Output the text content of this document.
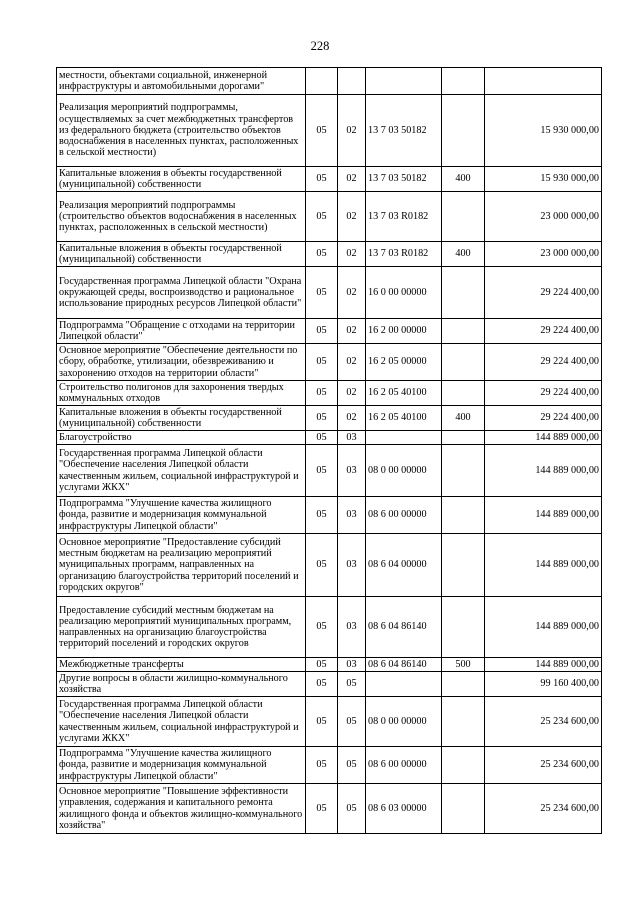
228
местности, объектами социальной, инженерной инфраструктуры и автомобильными дорогами"					
Реализация мероприятий подпрограммы, осуществляемых за счет межбюджетных трансфертов из федерального бюджета (строительство объектов водоснабжения в населенных пунктах, расположенных в сельской местности)	05	02	13 7 03 50182		15 930 000,00
Капитальные вложения в объекты государственной (муниципальной) собственности	05	02	13 7 03 50182	400	15 930 000,00
Реализация мероприятий подпрограммы (строительство объектов водоснабжения в населенных пунктах, расположенных в сельской местности)	05	02	13 7 03 R0182		23 000 000,00
Капитальные вложения в объекты государственной (муниципальной) собственности	05	02	13 7 03 R0182	400	23 000 000,00
Государственная программа Липецкой области "Охрана окружающей среды, воспроизводство и рациональное использование природных ресурсов Липецкой области"	05	02	16 0 00 00000		29 224 400,00
Подпрограмма "Обращение с отходами на территории Липецкой области"	05	02	16 2 00 00000		29 224 400,00
Основное мероприятие "Обеспечение деятельности по сбору, обработке, утилизации, обезвреживанию и захоронению отходов на территории области"	05	02	16 2 05 00000		29 224 400,00
Строительство полигонов для захоронения твердых коммунальных отходов	05	02	16 2 05 40100		29 224 400,00
Капитальные вложения в объекты государственной (муниципальной) собственности	05	02	16 2 05 40100	400	29 224 400,00
Благоустройство	05	03			144 889 000,00
Государственная программа Липецкой области "Обеспечение населения Липецкой области качественным жильем, социальной инфраструктурой и услугами ЖКХ"	05	03	08 0 00 00000		144 889 000,00
Подпрограмма "Улучшение качества жилищного фонда, развитие и модернизация коммунальной инфраструктуры Липецкой области"	05	03	08 6 00 00000		144 889 000,00
Основное мероприятие "Предоставление субсидий местным бюджетам на реализацию мероприятий муниципальных программ, направленных на организацию благоустройства территорий поселений и городских округов"	05	03	08 6 04 00000		144 889 000,00
Предоставление субсидий местным бюджетам на реализацию мероприятий муниципальных программ, направленных на организацию благоустройства территорий поселений и городских округов	05	03	08 6 04 86140		144 889 000,00
Межбюджетные трансферты	05	03	08 6 04 86140	500	144 889 000,00
Другие вопросы в области жилищно-коммунального хозяйства	05	05			99 160 400,00
Государственная программа Липецкой области "Обеспечение населения Липецкой области качественным жильем, социальной инфраструктурой и услугами ЖКХ"	05	05	08 0 00 00000		25 234 600,00
Подпрограмма "Улучшение качества жилищного фонда, развитие и модернизация коммунальной инфраструктуры Липецкой области"	05	05	08 6 00 00000		25 234 600,00
Основное мероприятие "Повышение эффективности управления, содержания и капитального ремонта жилищного фонда и объектов жилищно-коммунального хозяйства"	05	05	08 6 03 00000		25 234 600,00
